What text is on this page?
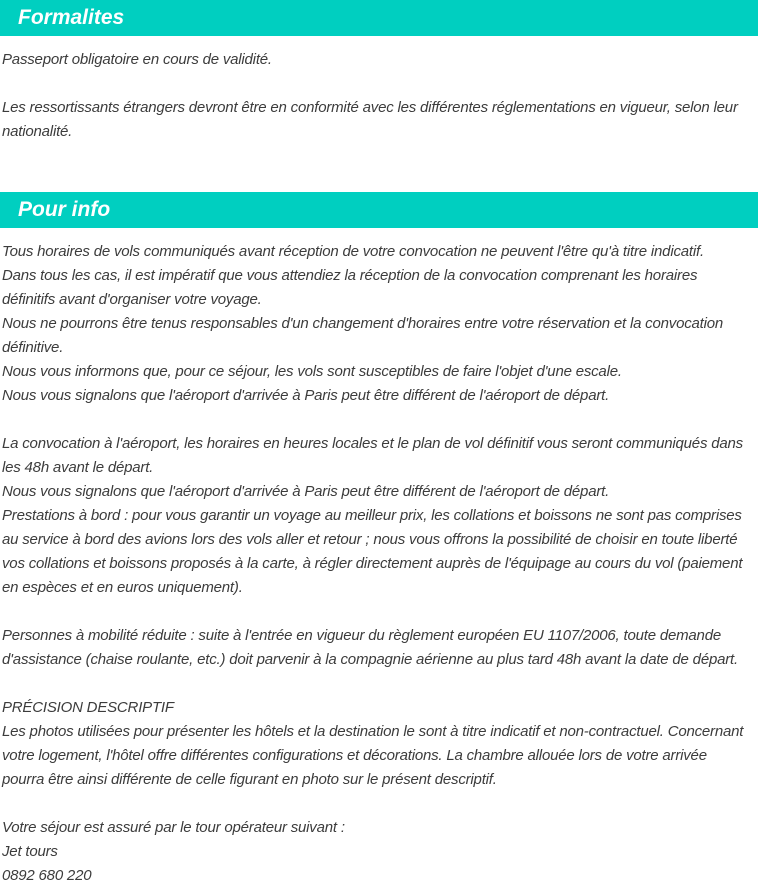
Formalites

Passeport obligatoire en cours de validité.

Les ressortissants étrangers devront être en conformité avec les différentes réglementations en vigueur, selon leur nationalité.

Pour info

Tous horaires de vols communiqués avant réception de votre convocation ne peuvent l'être qu'à titre indicatif.

Dans tous les cas, il est impératif que vous attendiez la réception de la convocation comprenant les horaires définitifs avant d'organiser votre voyage.

Nous ne pourrons être tenus responsables d'un changement d'horaires entre votre réservation et la convocation définitive.

Nous vous informons que, pour ce séjour, les vols sont susceptibles de faire l'objet d'une escale.

Nous vous signalons que l'aéroport d'arrivée à Paris peut être différent de l'aéroport de départ.

La convocation à l'aéroport, les horaires en heures locales et le plan de vol définitif vous seront communiqués dans les 48h avant le départ.

Nous vous signalons que l'aéroport d'arrivée à Paris peut être différent de l'aéroport de départ.

Prestations à bord : pour vous garantir un voyage au meilleur prix, les collations et boissons ne sont pas comprises au service à bord des avions lors des vols aller et retour ; nous vous offrons la possibilité de choisir en toute liberté vos collations et boissons proposés à la carte, à régler directement auprès de l'équipage au cours du vol (paiement en espèces et en euros uniquement).

Personnes à mobilité réduite : suite à l'entrée en vigueur du règlement européen EU 1107/2006, toute demande d'assistance (chaise roulante, etc.) doit parvenir à la compagnie aérienne au plus tard 48h avant la date de départ.

PRÉCISION DESCRIPTIF

Les photos utilisées pour présenter les hôtels et la destination le sont à titre indicatif et non-contractuel. Concernant votre logement, l'hôtel offre différentes configurations et décorations. La chambre allouée lors de votre arrivée pourra être ainsi différente de celle figurant en photo sur le présent descriptif.

Votre séjour est assuré par le tour opérateur suivant :

Jet tours

0892 680 220
